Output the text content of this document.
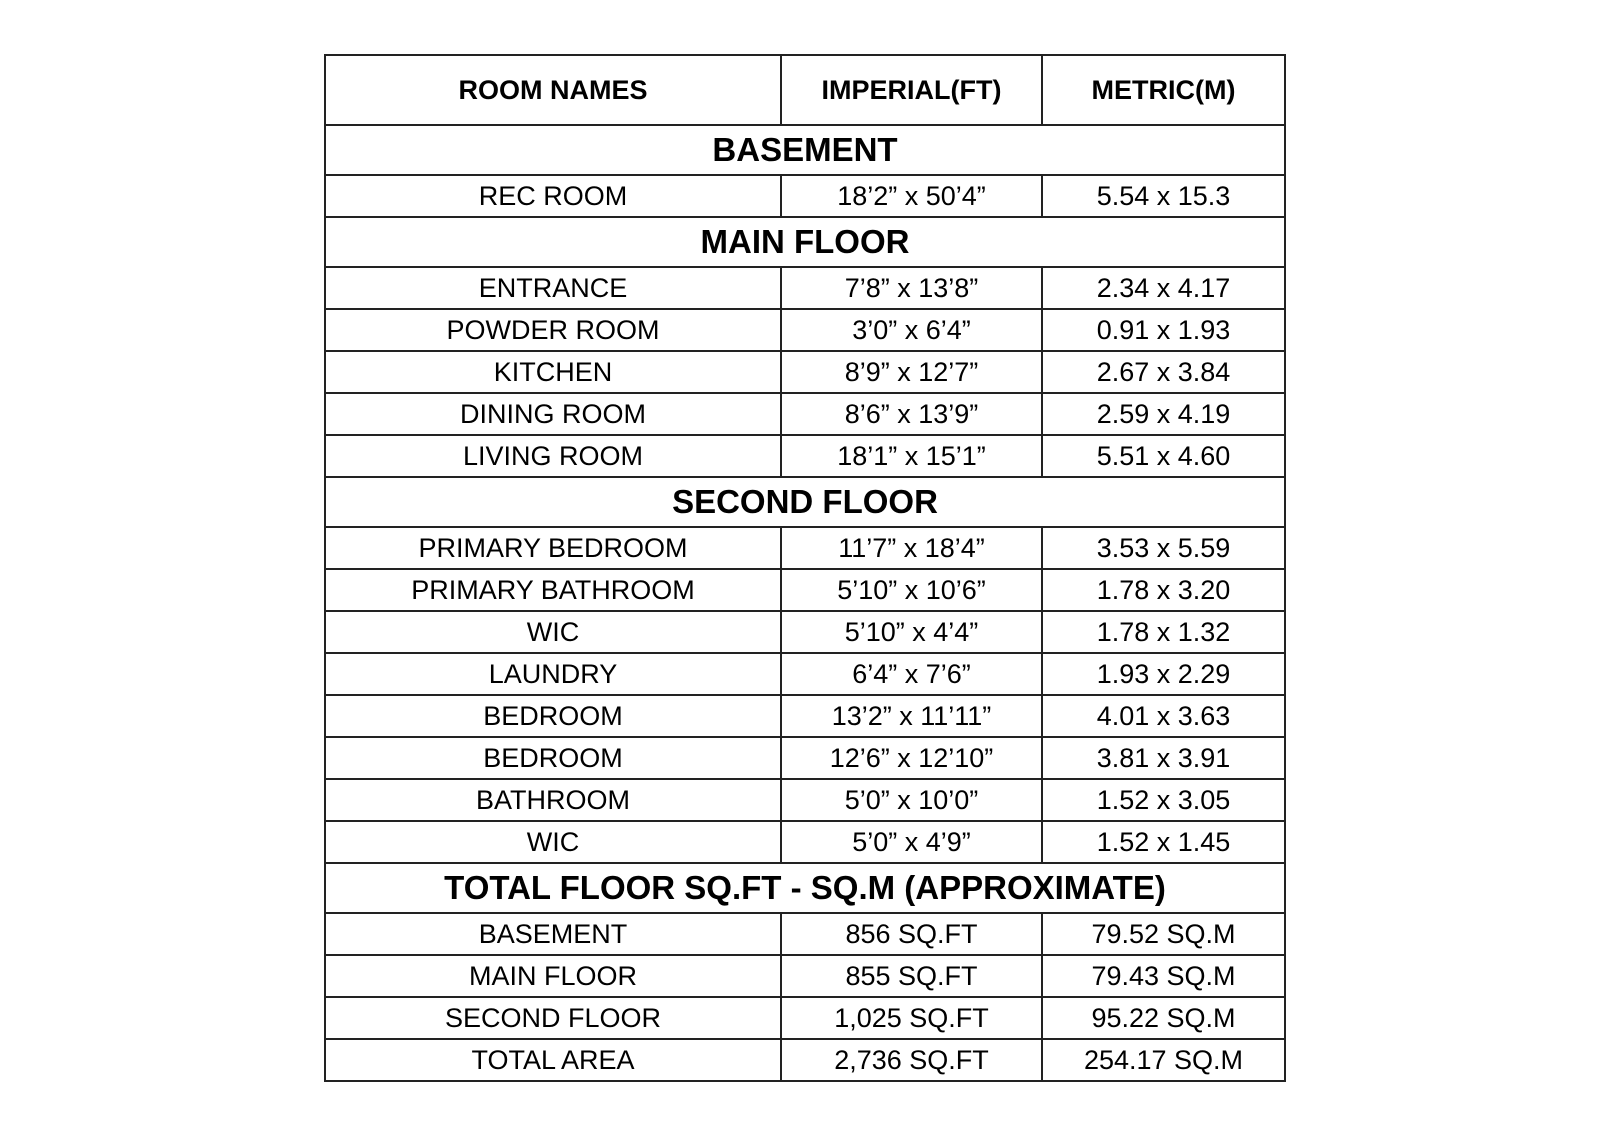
ROOM NAMES	IMPERIAL(FT)	METRIC(M)
BASEMENT		
REC ROOM	18’2” x 50’4”	5.54 x 15.3
MAIN FLOOR		
ENTRANCE	7’8” x 13’8”	2.34 x 4.17
POWDER ROOM	3’0” x 6’4”	0.91 x 1.93
KITCHEN	8’9” x 12’7”	2.67 x 3.84
DINING ROOM	8’6” x 13’9”	2.59 x 4.19
LIVING ROOM	18’1” x 15’1”	5.51 x 4.60
SECOND FLOOR		
PRIMARY BEDROOM	11’7” x 18’4”	3.53 x 5.59
PRIMARY BATHROOM	5’10” x 10’6”	1.78 x 3.20
WIC	5’10” x 4’4”	1.78 x 1.32
LAUNDRY	6’4” x 7’6”	1.93 x 2.29
BEDROOM	13’2” x 11’11”	4.01 x 3.63
BEDROOM	12’6” x 12’10”	3.81 x 3.91
BATHROOM	5’0” x 10’0”	1.52 x 3.05
WIC	5’0” x 4’9”	1.52 x 1.45
TOTAL FLOOR SQ.FT - SQ.M (APPROXIMATE)		
BASEMENT	856 SQ.FT	79.52 SQ.M
MAIN FLOOR	855 SQ.FT	79.43 SQ.M
SECOND FLOOR	1,025 SQ.FT	95.22 SQ.M
TOTAL AREA	2,736 SQ.FT	254.17 SQ.M
